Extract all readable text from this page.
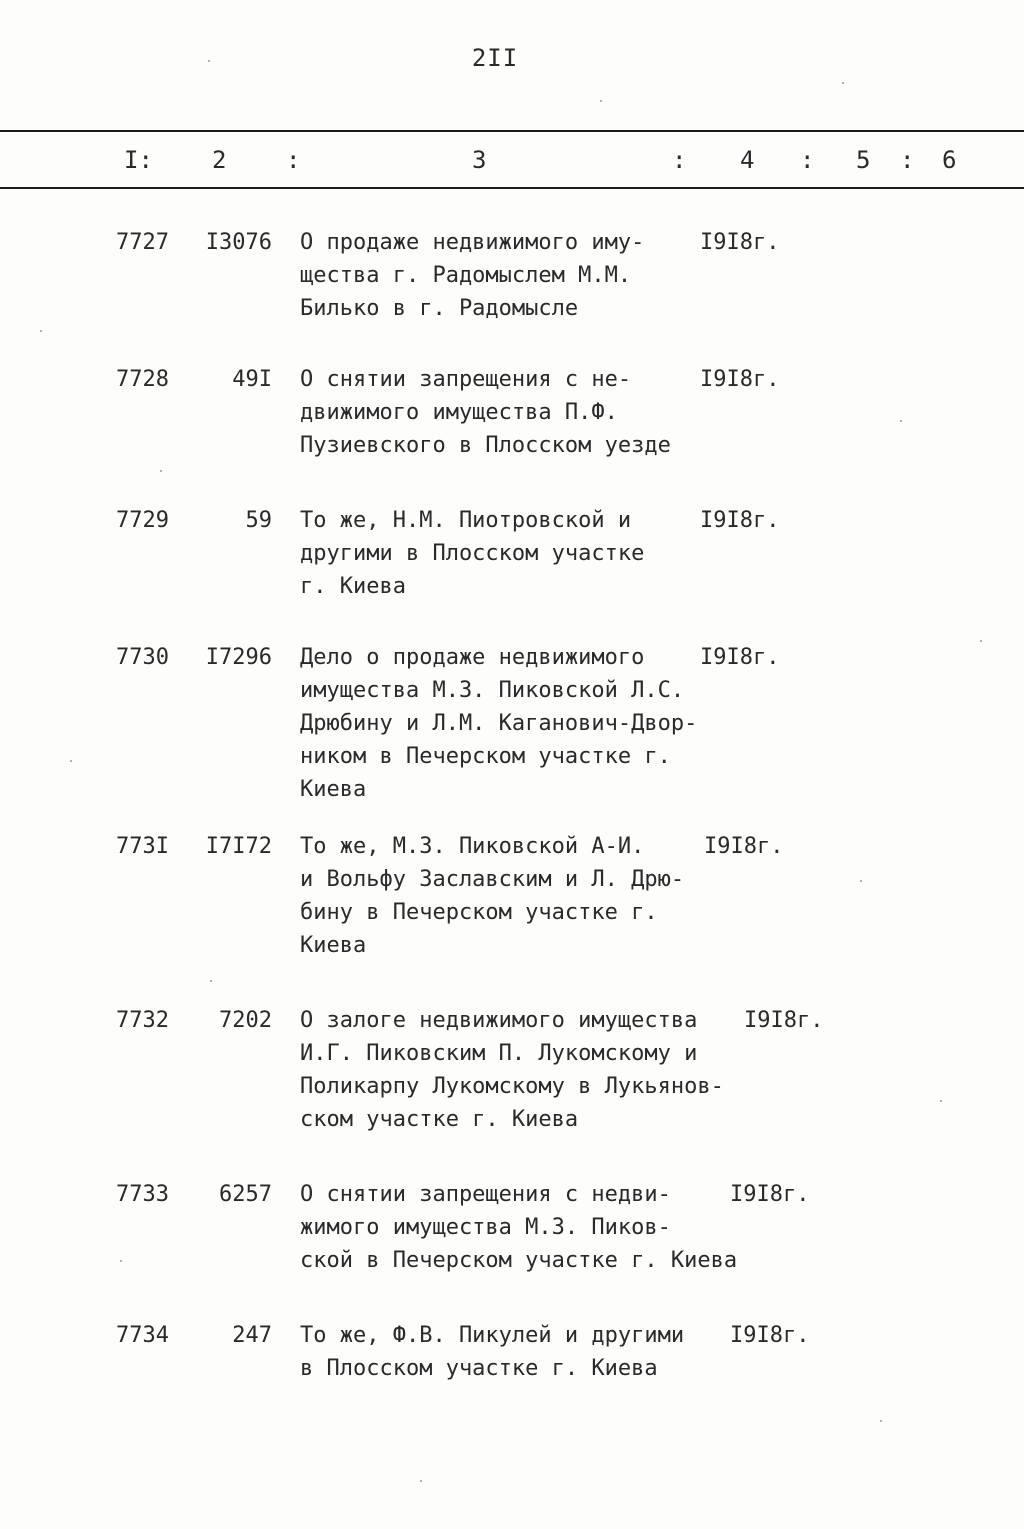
2II
I: 2 :	3	: 4 : 5 : 6
7727	I3076 О продаже недвижимого иму-
щества г. Радомыслем М.М.
Билько в г. Радомысле
I9I8г.
7728	49I О снятии запрещения с не-
движимого имущества П.Ф.
Пузиевского в Плосском уезде
I9I8г.
7729	59 То же, Н.М. Пиотровской и
другими в Плосском участке
г. Киева
I9I8г.
7730	I7296 Дело о продаже недвижимого
имущества М.З. Пиковской Л.С.
Дрюбину и Л.М. Каганович-Двор-
ником в Печерском участке г.
Киева
I9I8г.
773I	I7I72 То же, М.З. Пиковской А-И.
и Вольфу Заславским и Л. Дрю-
бину в Печерском участке г.
Киева
I9I8г.
7732	7202 О залоге недвижимого имущества
И.Г. Пиковским П. Лукомскому и
Поликарпу Лукомскому в Лукьянов-
ском участке г. Киева
I9I8г.
7733	6257 О снятии запрещения с недви-
жимого имущества М.З. Пиков-
ской в Печерском участке г. Киева
I9I8г.
7734	247 То же, Ф.В. Пикулей и другими
в Плосском участке г. Киева
I9I8г.
